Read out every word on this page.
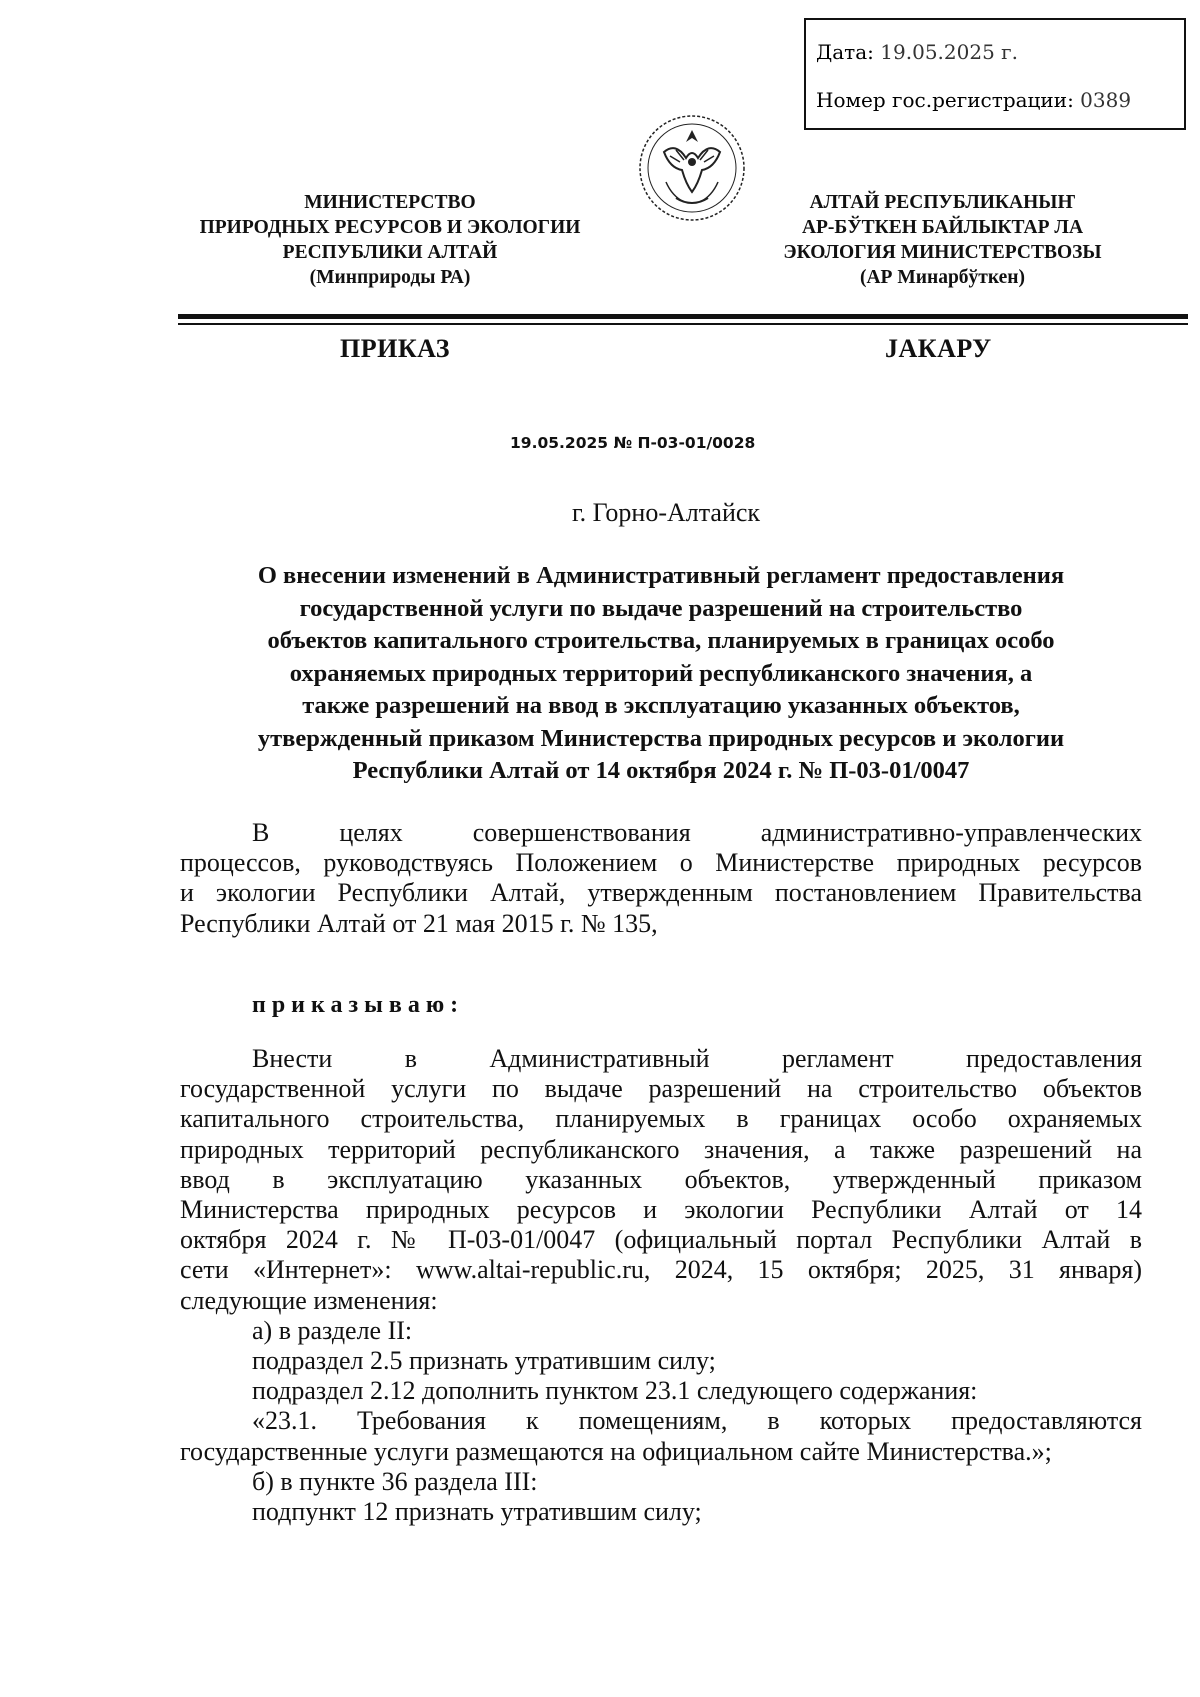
Дата: 19.05.2025 г.
Номер гос.регистрации: 0389
МИНИСТЕРСТВО
ПРИРОДНЫХ РЕСУРСОВ И ЭКОЛОГИИ
РЕСПУБЛИКИ АЛТАЙ
(Минприроды РА)
АЛТАЙ РЕСПУБЛИКАНЫҤ
АР-БЎТКЕН БАЙЛЫКТАР ЛА
ЭКОЛОГИЯ МИНИСТЕРСТВОЗЫ
(АР Минарбўткен)
ПРИКАЗ	JАКАРУ
19.05.2025 № П-03-01/0028
г. Горно-Алтайск
О внесении изменений в Административный регламент предоставления
государственной услуги по выдаче разрешений на строительство
объектов капитального строительства, планируемых в границах особо
охраняемых природных территорий республиканского значения, а
также разрешений на ввод в эксплуатацию указанных объектов,
утвержденный приказом Министерства природных ресурсов и экологии
Республики Алтай от 14 октября 2024 г. № П-03-01/0047
В	целях	совершенствования	административно-управленческих
процессов, руководствуясь Положением о Министерстве природных ресурсов
и экологии Республики Алтай, утвержденным постановлением Правительства
Республики Алтай от 21 мая 2015 г. № 135,
приказываю:
Внести	в	Административный	регламент	предоставления
государственной услуги по выдаче разрешений на строительство объектов
капитального строительства, планируемых в границах особо охраняемых
природных территорий республиканского значения, а также разрешений на
ввод в эксплуатацию указанных объектов, утвержденный приказом
Министерства природных ресурсов и экологии Республики Алтай от 14
октября 2024 г. № П-03-01/0047 (официальный портал Республики Алтай в
сети «Интернет»: www.altai-republic.ru, 2024, 15 октября; 2025, 31 января)
следующие изменения:
а) в разделе II:
подраздел 2.5 признать утратившим силу;
подраздел 2.12 дополнить пунктом 23.1 следующего содержания:
«23.1. Требования к помещениям, в которых предоставляются
государственные услуги размещаются на официальном сайте Министерства.»;
б) в пункте 36 раздела III:
подпункт 12 признать утратившим силу;
